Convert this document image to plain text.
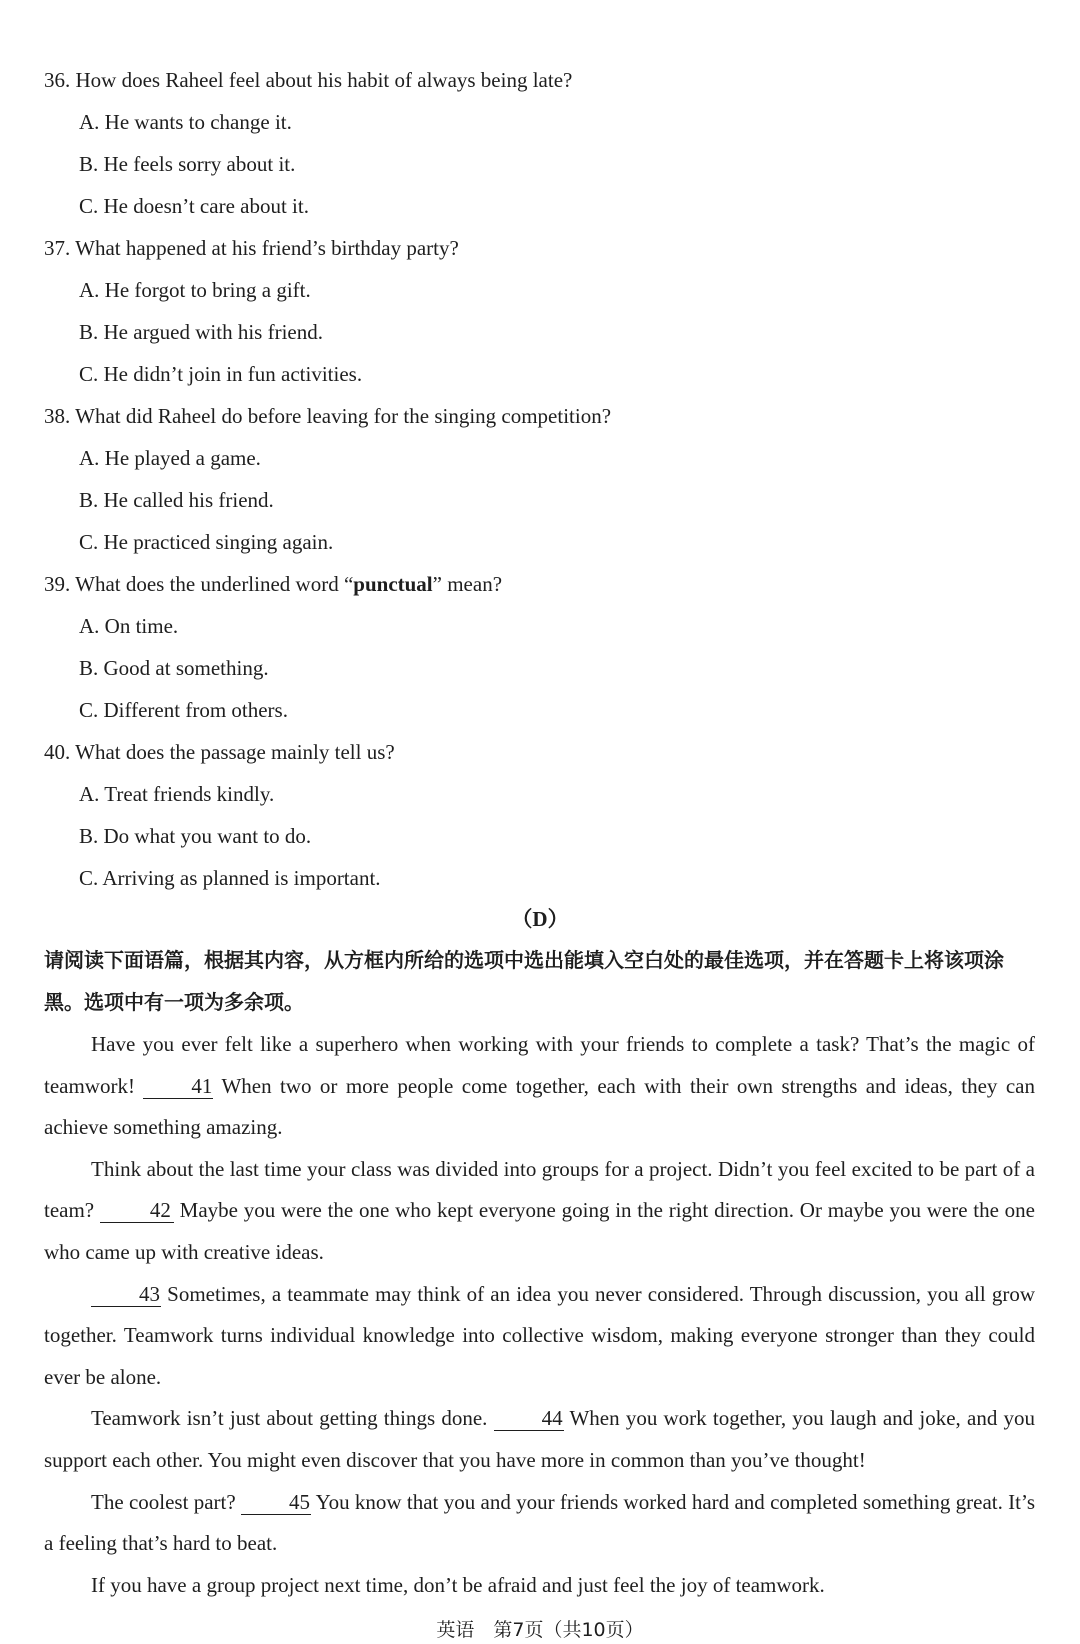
36. How does Raheel feel about his habit of always being late?
A. He wants to change it.
B. He feels sorry about it.
C. He doesn’t care about it.
37. What happened at his friend’s birthday party?
A. He forgot to bring a gift.
B. He argued with his friend.
C. He didn’t join in fun activities.
38. What did Raheel do before leaving for the singing competition?
A. He played a game.
B. He called his friend.
C. He practiced singing again.
39. What does the underlined word “punctual” mean?
A. On time.
B. Good at something.
C. Different from others.
40. What does the passage mainly tell us?
A. Treat friends kindly.
B. Do what you want to do.
C. Arriving as planned is important.
（D）

请阅读下面语篇，根据其内容，从方框内所给的选项中选出能填入空白处的最佳选项，并在答题卡上将该项涂黑。选项中有一项为多余项。

Have you ever felt like a superhero when working with your friends to complete a task? That’s the magic of teamwork!	41 When two or more people come together, each with their own strengths and ideas, they can achieve something amazing.

Think about the last time your class was divided into groups for a project. Didn’t you feel excited to be part of a team?	42 Maybe you were the one who kept everyone going in the right direction. Or maybe you were the one who came up with creative ideas.

43 Sometimes, a teammate may think of an idea you never considered. Through discussion, you all grow together. Teamwork turns individual knowledge into collective wisdom, making everyone stronger than they could ever be alone.

Teamwork isn’t just about getting things done.	44 When you work together, you laugh and joke, and you support each other. You might even discover that you have more in common than you’ve thought!

The coolest part?	45 You know that you and your friends worked hard and completed something great. It’s a feeling that’s hard to beat.

If you have a group project next time, don’t be afraid and just feel the joy of teamwork.

英语　第7页（共10页）
